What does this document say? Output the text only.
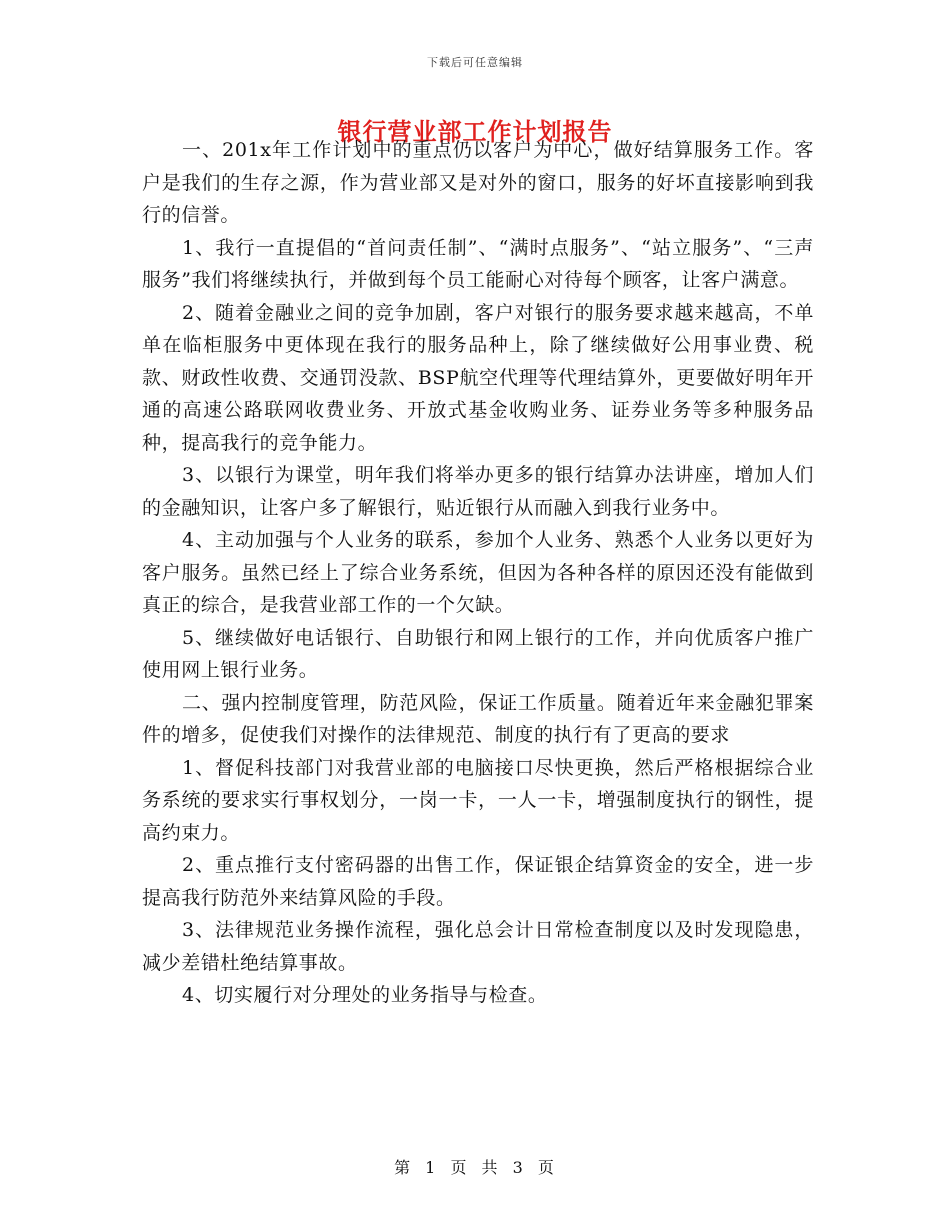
下载后可任意编辑
银行营业部工作计划报告

一、201x年工作计划中的重点仍以客户为中心，做好结算服务工作。客户是我们的生存之源，作为营业部又是对外的窗口，服务的好坏直接影响到我行的信誉。

1、我行一直提倡的“首问责任制”、“满时点服务”、“站立服务”、“三声服务”我们将继续执行，并做到每个员工能耐心对待每个顾客，让客户满意。

2、随着金融业之间的竞争加剧，客户对银行的服务要求越来越高，不单单在临柜服务中更体现在我行的服务品种上，除了继续做好公用事业费、税款、财政性收费、交通罚没款、BSP航空代理等代理结算外，更要做好明年开通的高速公路联网收费业务、开放式基金收购业务、证券业务等多种服务品种，提高我行的竞争能力。

3、以银行为课堂，明年我们将举办更多的银行结算办法讲座，增加人们的金融知识，让客户多了解银行，贴近银行从而融入到我行业务中。

4、主动加强与个人业务的联系，参加个人业务、熟悉个人业务以更好为客户服务。虽然已经上了综合业务系统，但因为各种各样的原因还没有能做到真正的综合，是我营业部工作的一个欠缺。

5、继续做好电话银行、自助银行和网上银行的工作，并向优质客户推广使用网上银行业务。

二、强内控制度管理，防范风险，保证工作质量。随着近年来金融犯罪案件的增多，促使我们对操作的法律规范、制度的执行有了更高的要求

1、督促科技部门对我营业部的电脑接口尽快更换，然后严格根据综合业务系统的要求实行事权划分，一岗一卡，一人一卡，增强制度执行的钢性，提高约束力。

2、重点推行支付密码器的出售工作，保证银企结算资金的安全，进一步提高我行防范外来结算风险的手段。

3、法律规范业务操作流程，强化总会计日常检查制度以及时发现隐患，减少差错杜绝结算事故。

4、切实履行对分理处的业务指导与检查。

第 1 页 共 3 页
